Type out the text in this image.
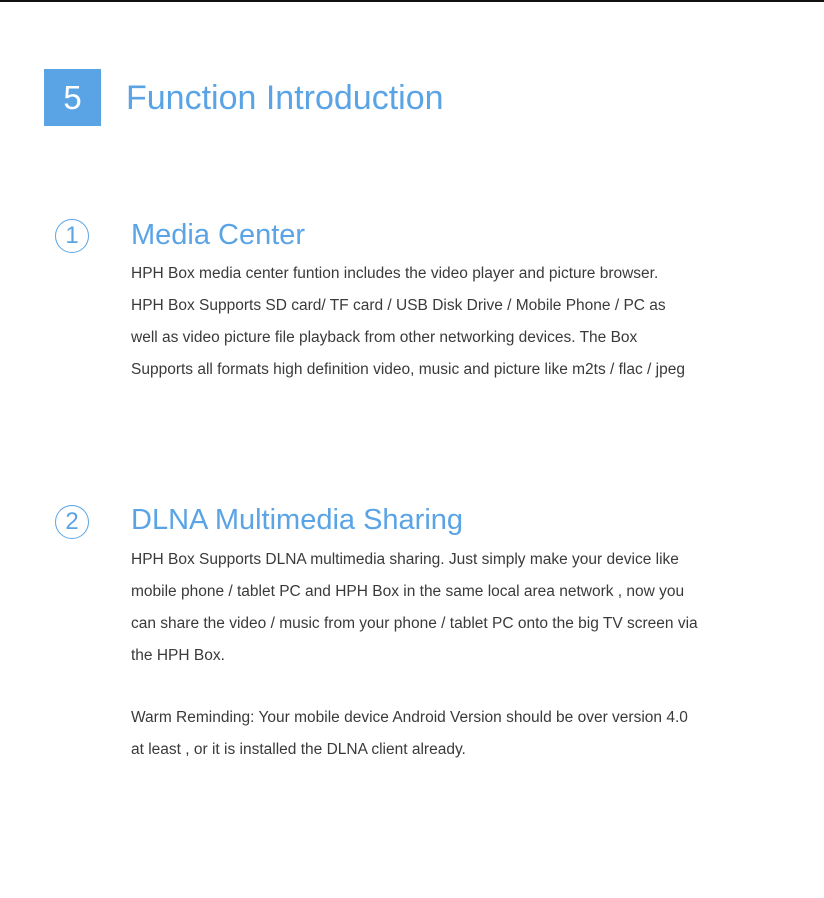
5	Function Introduction
1	Media Center
HPH Box media center funtion includes the video player and picture browser.
HPH Box Supports SD card/ TF card / USB Disk Drive / Mobile Phone / PC as
well as video picture file playback from other networking devices. The Box
Supports all formats high definition video, music and picture like m2ts / flac / jpeg
2	DLNA Multimedia Sharing
HPH Box Supports DLNA multimedia sharing. Just simply make your device like
mobile phone / tablet PC and HPH Box in the same local area network , now you
can share the video / music from your phone / tablet PC onto the big TV screen via
the HPH Box.
Warm Reminding: Your mobile device Android Version should be over version 4.0
at least , or it is installed the DLNA client already.
